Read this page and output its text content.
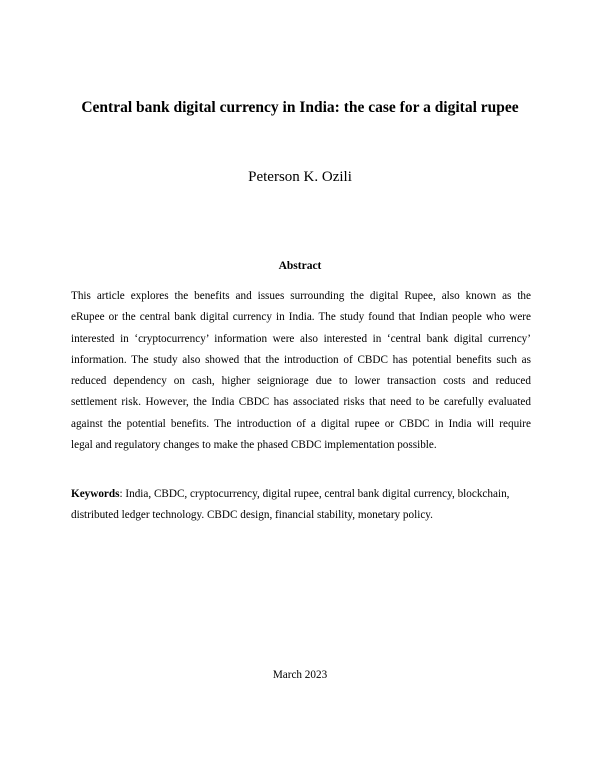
Central bank digital currency in India: the case for a digital rupee
Peterson K. Ozili
Abstract
This article explores the benefits and issues surrounding the digital Rupee, also known as the
eRupee or the central bank digital currency in India. The study found that Indian people who were
interested in ‘cryptocurrency’ information were also interested in ‘central bank digital currency’
information. The study also showed that the introduction of CBDC has potential benefits such as
reduced dependency on cash, higher seigniorage due to lower transaction costs and reduced
settlement risk. However, the India CBDC has associated risks that need to be carefully evaluated
against the potential benefits. The introduction of a digital rupee or CBDC in India will require
legal and regulatory changes to make the phased CBDC implementation possible.
Keywords: India, CBDC, cryptocurrency, digital rupee, central bank digital currency, blockchain,
distributed ledger technology. CBDC design, financial stability, monetary policy.
March 2023
